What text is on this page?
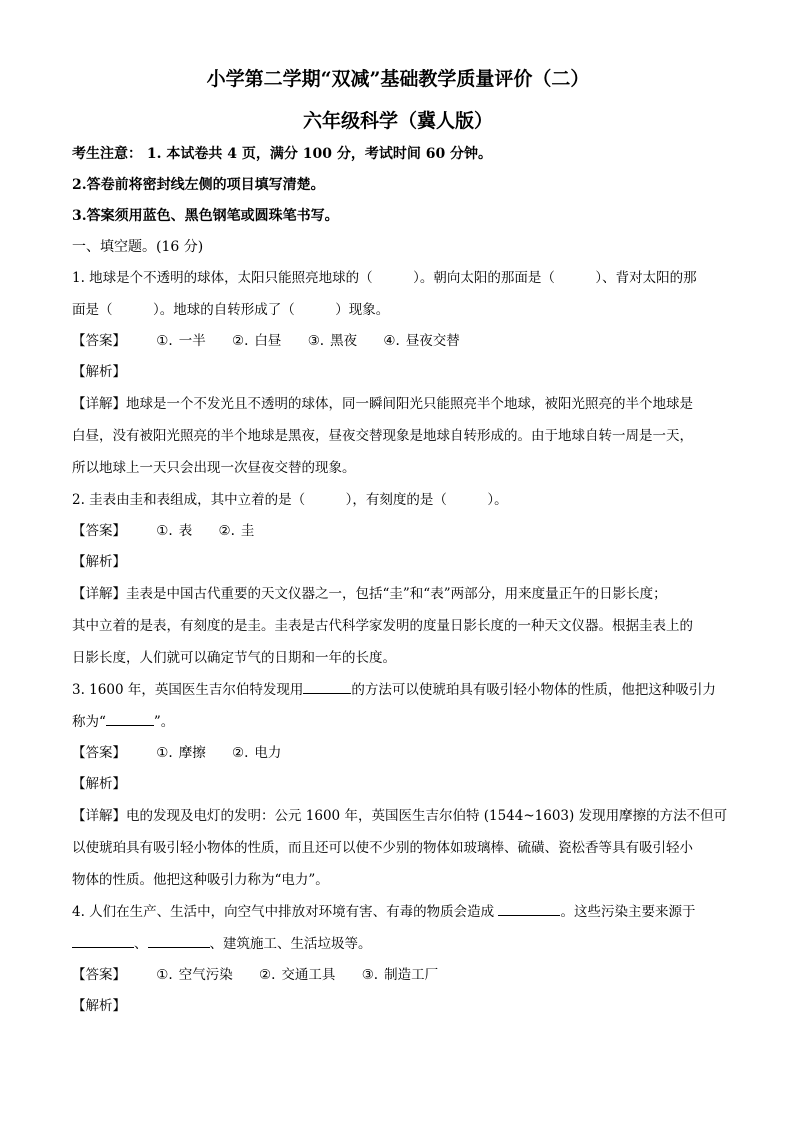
小学第二学期“双减”基础教学质量评价（二）
六年级科学（冀人版）
考生注意： 1. 本试卷共 4 页，满分 100 分，考试时间 60 分钟。
2.答卷前将密封线左侧的项目填写清楚。
3.答案须用蓝色、黑色钢笔或圆珠笔书写。
一、填空题。(16 分)
1. 地球是个不透明的球体，太阳只能照亮地球的（　　　）。朝向太阳的那面是（　　　）、背对太阳的那
面是（　　　）。地球的自转形成了（　　　）现象。
【答案】 ①. 一半 ②. 白昼 ③. 黑夜 ④. 昼夜交替
【解析】
【详解】地球是一个不发光且不透明的球体，同一瞬间阳光只能照亮半个地球，被阳光照亮的半个地球是
白昼，没有被阳光照亮的半个地球是黑夜，昼夜交替现象是地球自转形成的。由于地球自转一周是一天，
所以地球上一天只会出现一次昼夜交替的现象。
2. 圭表由圭和表组成，其中立着的是（　　　），有刻度的是（　　　）。
【答案】 ①. 表 ②. 圭
【解析】
【详解】圭表是中国古代重要的天文仪器之一，包括“圭”和“表”两部分，用来度量正午的日影长度；
其中立着的是表，有刻度的是圭。圭表是古代科学家发明的度量日影长度的一种天文仪器。根据圭表上的
日影长度，人们就可以确定节气的日期和一年的长度。
3. 1600 年，英国医生吉尔伯特发现用	的方法可以使琥珀具有吸引轻小物体的性质，他把这种吸引力
称为“	”。
【答案】 ①. 摩擦 ②. 电力
【解析】
【详解】电的发现及电灯的发明：公元 1600 年，英国医生吉尔伯特 (1544~1603) 发现用摩擦的方法不但可
以使琥珀具有吸引轻小物体的性质，而且还可以使不少别的物体如玻璃棒、硫磺、瓷松香等具有吸引轻小
物体的性质。他把这种吸引力称为“电力”。
4. 人们在生产、生活中，向空气中排放对环境有害、有毒的物质会造成	。这些污染主要来源于
、	、建筑施工、生活垃圾等。
【答案】 ①. 空气污染 ②. 交通工具 ③. 制造工厂
【解析】
